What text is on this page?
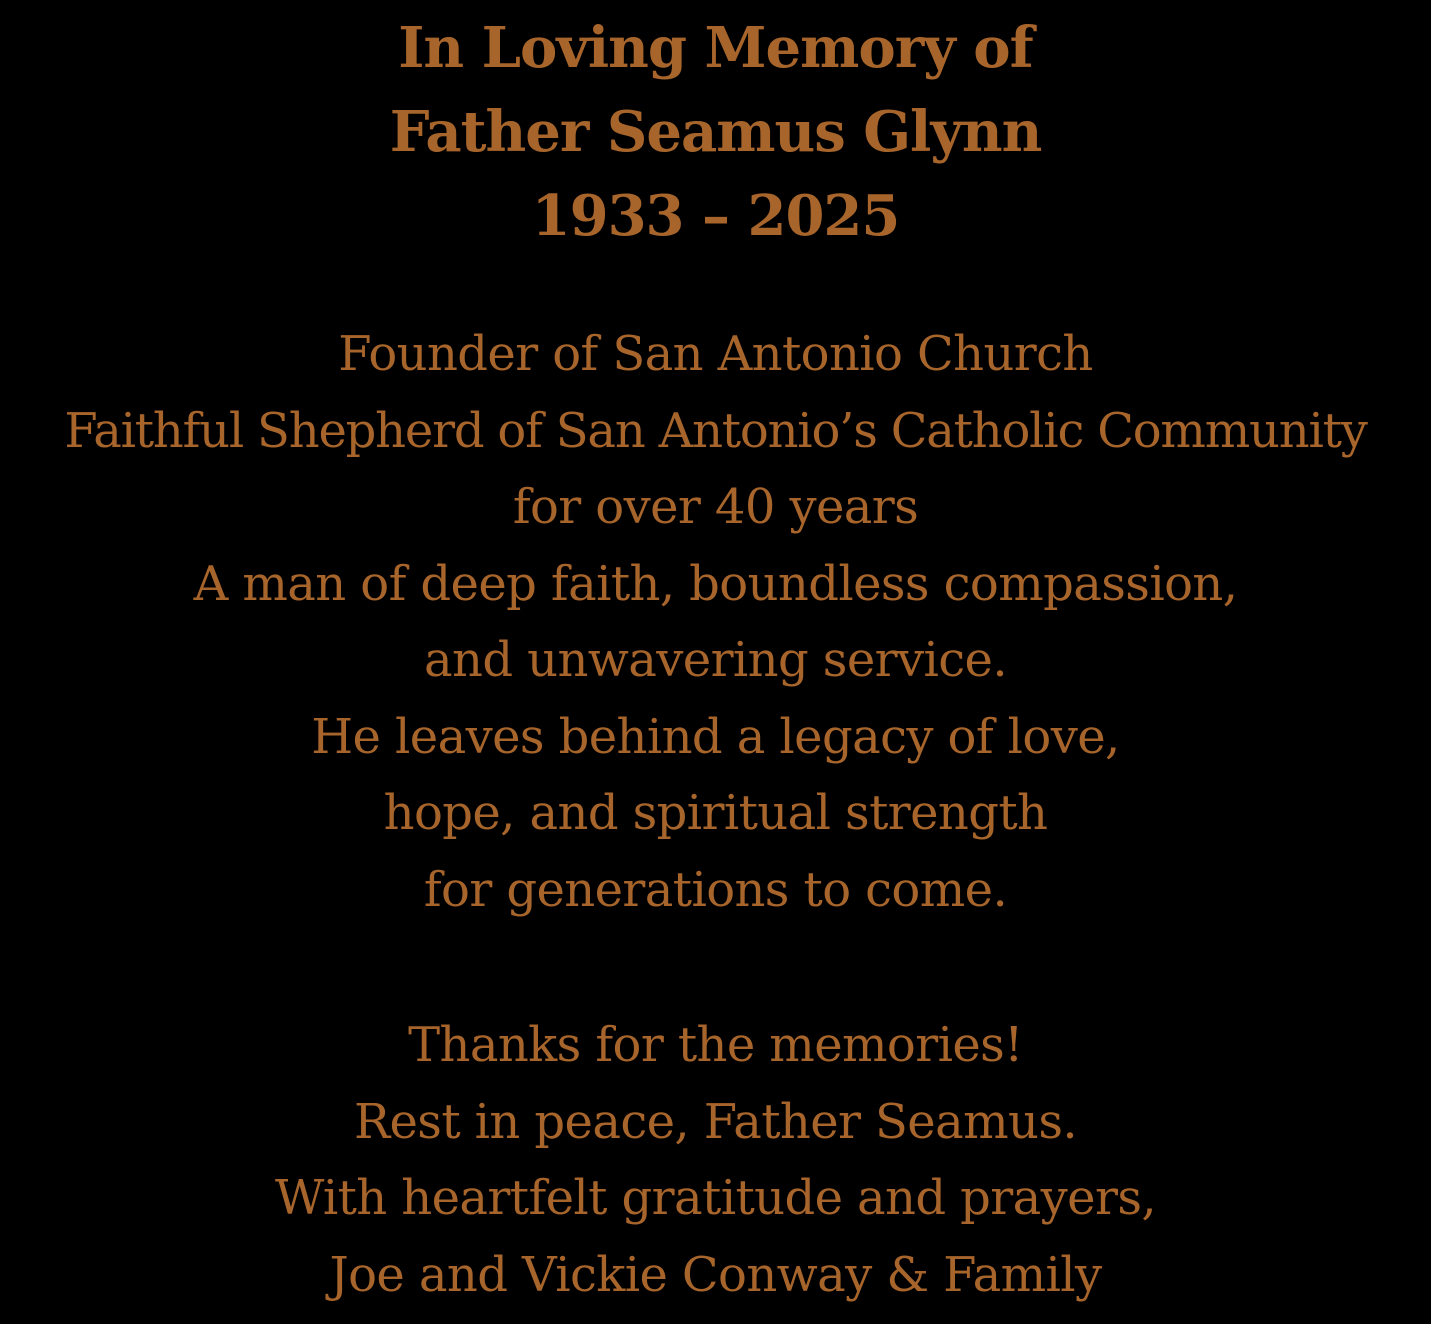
In Loving Memory of
Father Seamus Glynn
1933 – 2025
Founder of San Antonio Church
Faithful Shepherd of San Antonio’s Catholic Community
for over 40 years
A man of deep faith, boundless compassion,
and unwavering service.
He leaves behind a legacy of love,
hope, and spiritual strength
for generations to come.
Thanks for the memories!
Rest in peace, Father Seamus.
With heartfelt gratitude and prayers,
Joe and Vickie Conway & Family
